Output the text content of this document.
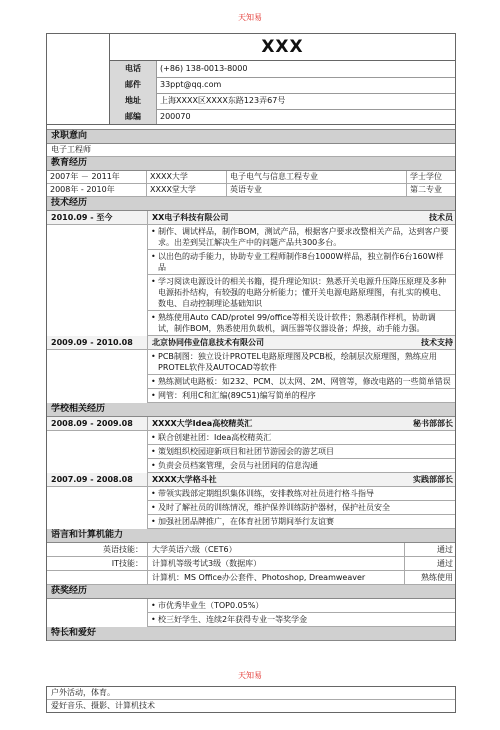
天知易
XXX
电话	(+86) 138-0013-8000
邮件	33ppt@qq.com
地址	上海XXXX区XXXX东路123弄67号
邮编	200070
求职意向
电子工程师
教育经历
2007年 － 2011年	XXXX大学	电子电气与信息工程专业	学士学位
2008年 - 2010年	XXXX堂大学	英语专业	第二专业
技术经历
2010.09 - 至今	XX电子科技有限公司	技术员
• 制作、调试样品，制作BOM，测试产品，根据客户要求改整相关产品，达到客户要求。出差到吴江解决生产中的问题产品共300多台。
• 以出色的动手能力，协助专业工程师制作8台1000W样品，独立制作6台160W样品
• 学习阅读电源设计的相关书籍，提升理论知识：熟悉开关电源升压降压原理及多种电源拓扑结构，有较强的电路分析能力；懂开关电源电路原理图，有扎实的模电、数电、自动控制理论基础知识
• 熟练使用Auto CAD/protel 99/office等相关设计软件；熟悉制作样机，协助调试，制作BOM，熟悉使用负载机，调压器等仪器设备；焊接，动手能力强。
2009.09 - 2010.08	北京协同伟业信息技术有限公司	技术支持
• PCB制图：独立设计PROTEL电路原理图及PCB板，绘制层次原理图，熟练应用PROTEL软件及AUTOCAD等软件
• 熟练测试电路板：如232、PCM、以太网、2M、网管等，修改电路的一些简单错误
• 网管：利用C和汇编(89C51)编写简单的程序
学校相关经历
2008.09 - 2009.08	XXXX大学Idea高校精英汇	秘书部部长
• 联合创建社团：Idea高校精英汇
• 策划组织校园迎新项目和社团节游园会的游艺项目
• 负责会员档案管理，会员与社团间的信息沟通
2007.09 - 2008.08	XXXX大学格斗社	实践部部长
• 带领实践部定期组织集体训练，安排教练对社员进行格斗指导
• 及时了解社员的训练情况，维护保养训练防护器材，保护社员安全
• 加强社团品牌推广，在体育社团节期间举行友谊赛
语言和计算机能力
英语技能：	大学英语六级（CET6）	通过
IT技能：	计算机等级考试3级（数据库）	通过
计算机：MS Office办公套件、Photoshop, Dreamweaver	熟练使用
获奖经历
• 市优秀毕业生（TOP0.05%）
• 校三好学生、连续2年获得专业一等奖学金
特长和爱好
天知易
户外活动，体育。
爱好音乐、摄影、计算机技术
